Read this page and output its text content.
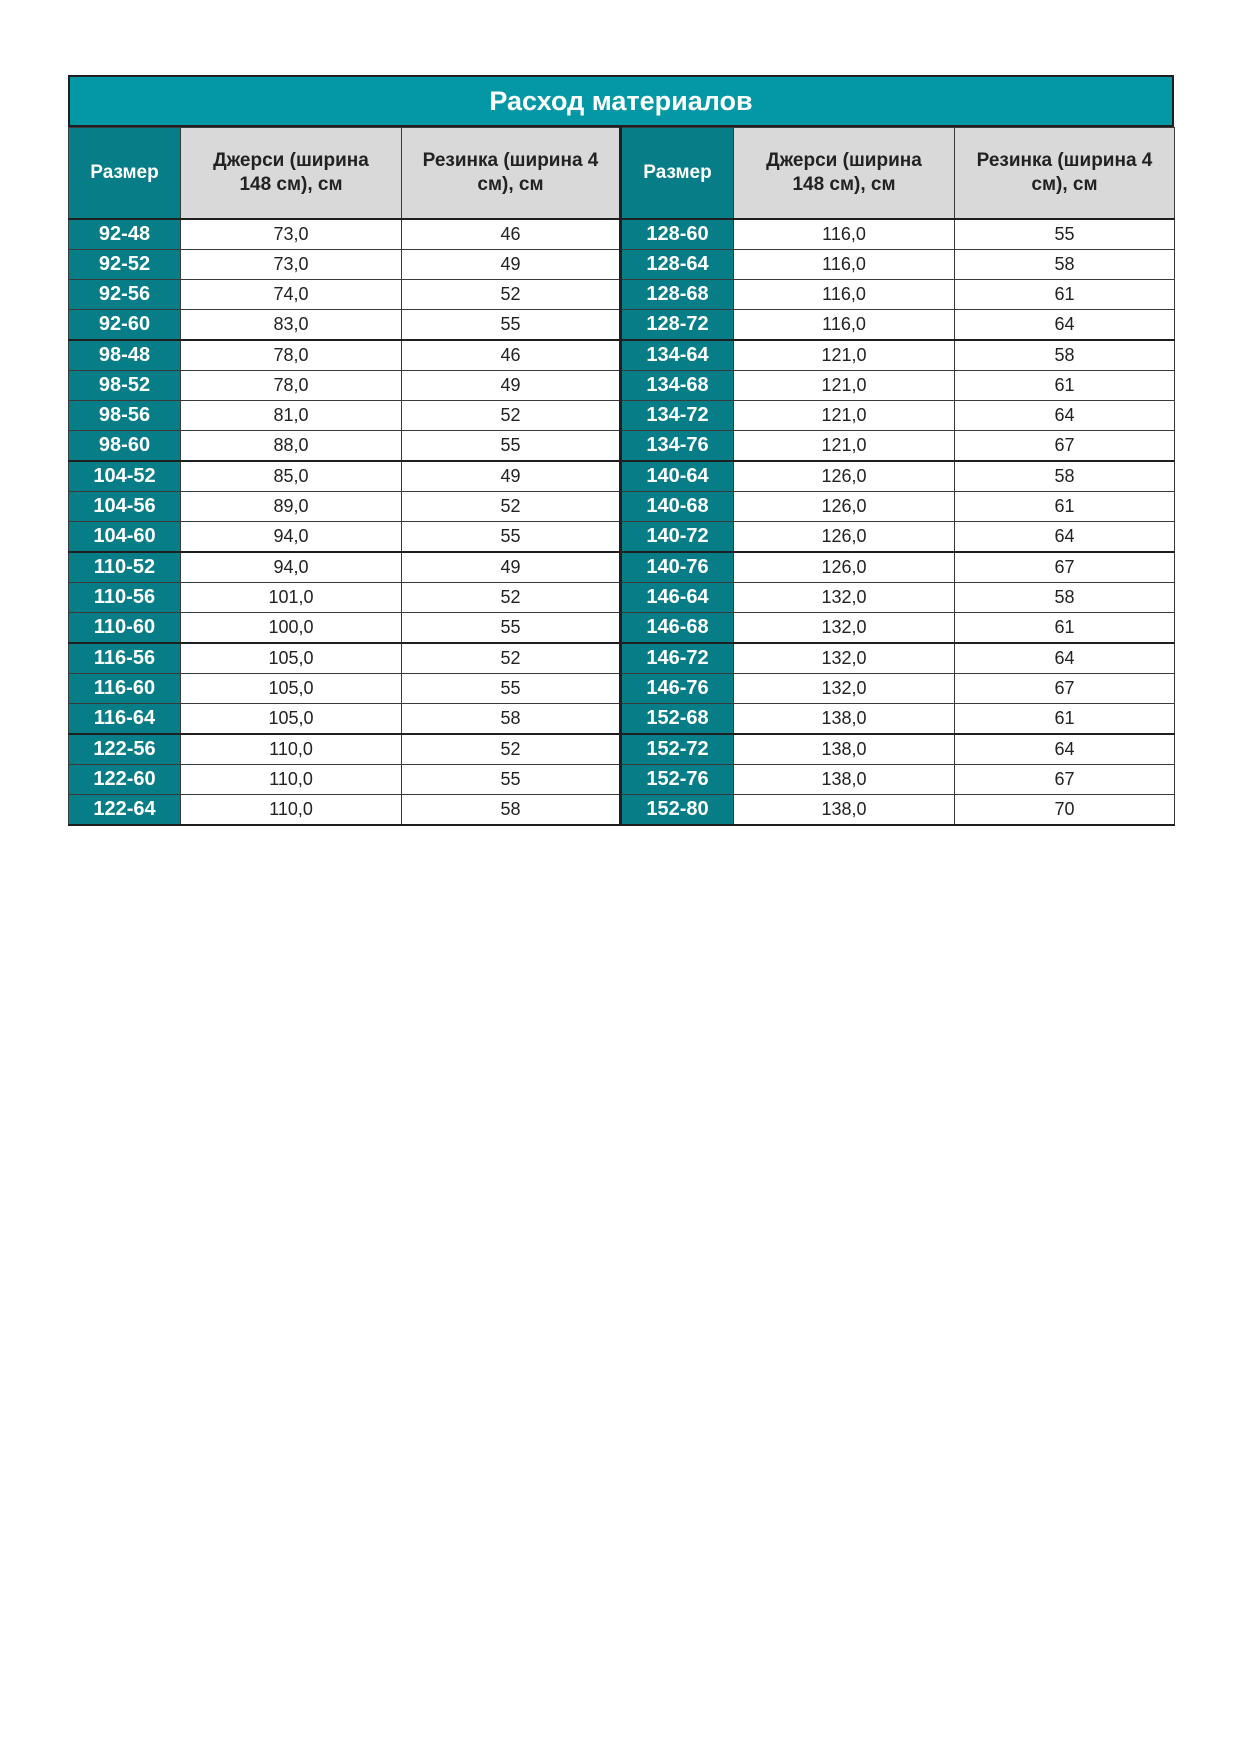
Расход материалов
Размер	Джерси (ширина 148 см), см	Резинка (ширина 4 см), см	Размер	Джерси (ширина 148 см), см	Резинка (ширина 4 см), см

92-48	73,0	46	128-60	116,0	55
92-52	73,0	49	128-64	116,0	58
92-56	74,0	52	128-68	116,0	61
92-60	83,0	55	128-72	116,0	64
98-48	78,0	46	134-64	121,0	58
98-52	78,0	49	134-68	121,0	61
98-56	81,0	52	134-72	121,0	64
98-60	88,0	55	134-76	121,0	67
104-52	85,0	49	140-64	126,0	58
104-56	89,0	52	140-68	126,0	61
104-60	94,0	55	140-72	126,0	64
110-52	94,0	49	140-76	126,0	67
110-56	101,0	52	146-64	132,0	58
110-60	100,0	55	146-68	132,0	61
116-56	105,0	52	146-72	132,0	64
116-60	105,0	55	146-76	132,0	67
116-64	105,0	58	152-68	138,0	61
122-56	110,0	52	152-72	138,0	64
122-60	110,0	55	152-76	138,0	67
122-64	110,0	58	152-80	138,0	70
